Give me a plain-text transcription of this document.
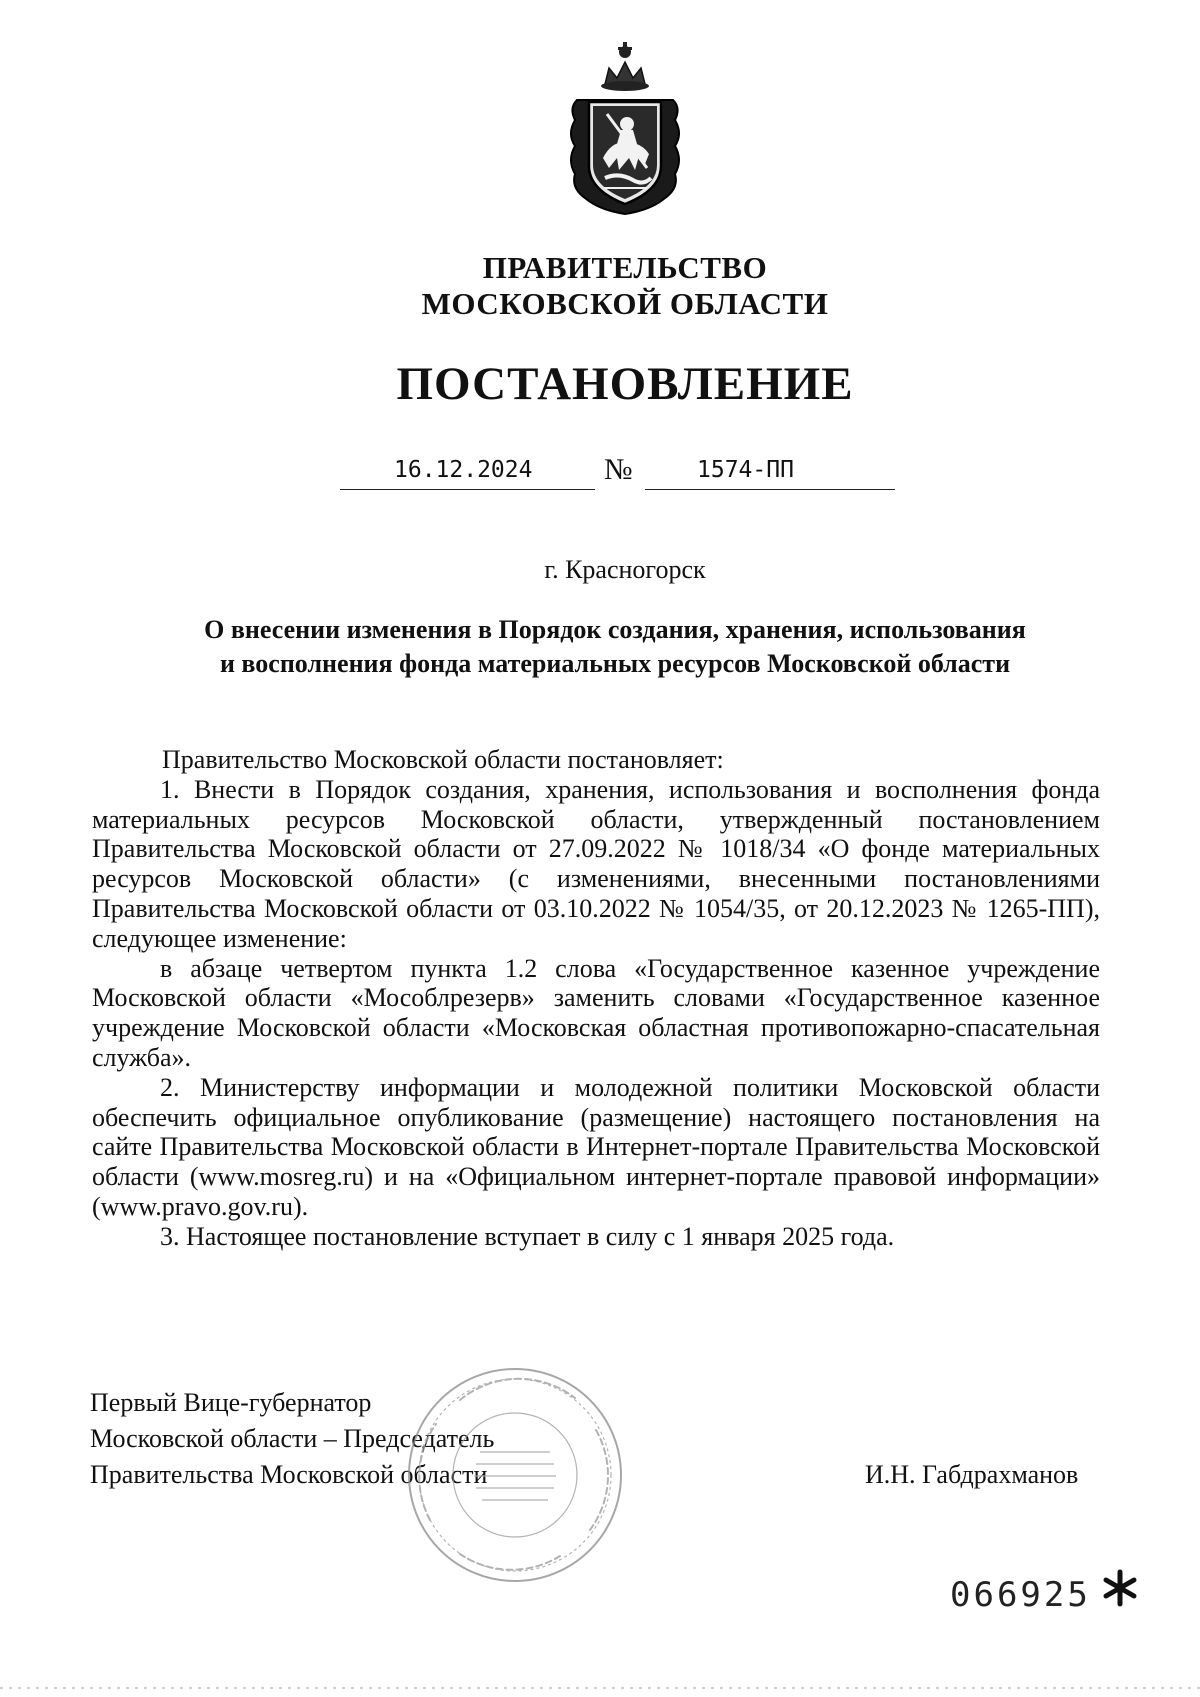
ПРАВИТЕЛЬСТВО
МОСКОВСКОЙ ОБЛАСТИ
ПОСТАНОВЛЕНИЕ
16.12.2024 №	1574-ПП
г. Красногорск
О внесении изменения в Порядок создания, хранения, использования
и восполнения фонда материальных ресурсов Московской области

Правительство Московской области постановляет:

1. Внести в Порядок создания, хранения, использования и восполнения фонда материальных ресурсов Московской области, утвержденный постановлением Правительства Московской области от 27.09.2022 № 1018/34 «О фонде материальных ресурсов Московской области» (с изменениями, внесенными постановлениями Правительства Московской области от 03.10.2022 № 1054/35, от 20.12.2023 № 1265-ПП), следующее изменение:

в абзаце четвертом пункта 1.2 слова «Государственное казенное учреждение Московской области «Мособлрезерв» заменить словами «Государственное казенное учреждение Московской области «Московская областная противопожарно-спасательная служба».

2. Министерству информации и молодежной политики Московской области обеспечить официальное опубликование (размещение) настоящего постановления на сайте Правительства Московской области в Интернет-портале Правительства Московской области (www.mosreg.ru) и на «Официальном интернет-портале правовой информации» (www.pravo.gov.ru).

3. Настоящее постановление вступает в силу с 1 января 2025 года.

Первый Вице-губернатор
Московской области – Председатель
Правительства Московской области	И.Н. Габдрахманов
066925
